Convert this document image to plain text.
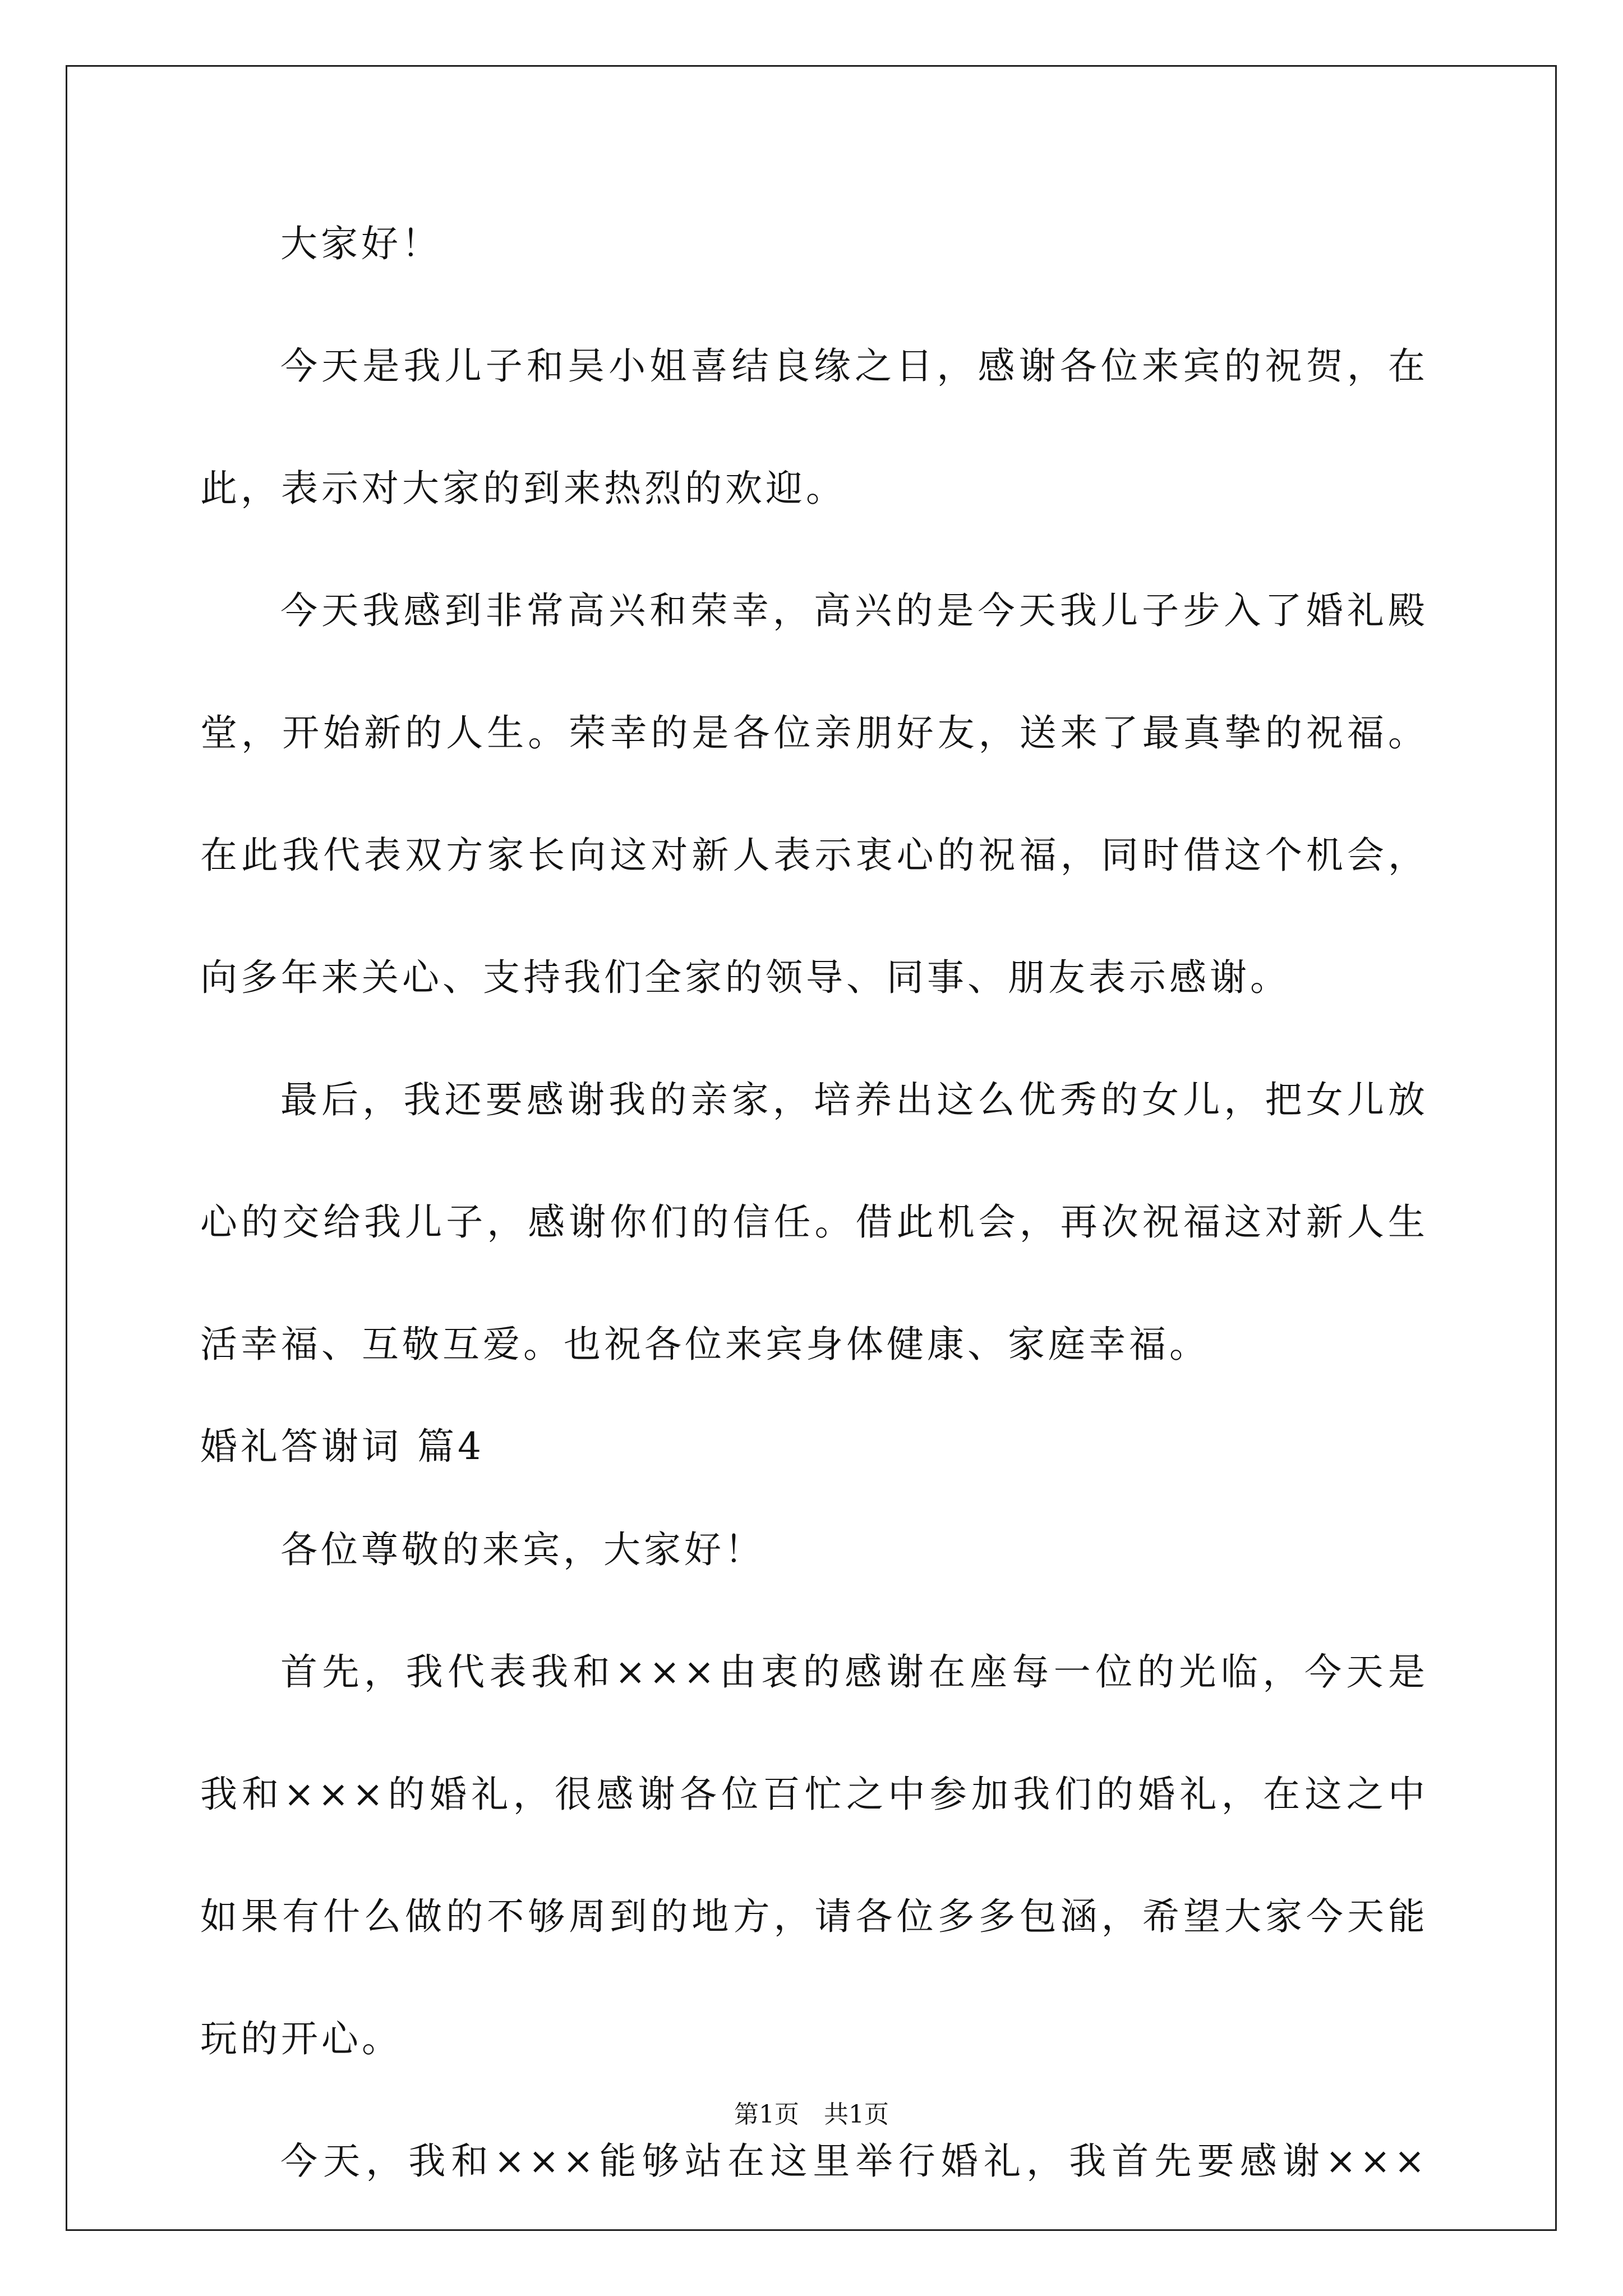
大家好！
今天是我儿子和吴小姐喜结良缘之日，感谢各位来宾的祝贺，在
此，表示对大家的到来热烈的欢迎。
今天我感到非常高兴和荣幸，高兴的是今天我儿子步入了婚礼殿
堂，开始新的人生。荣幸的是各位亲朋好友，送来了最真挚的祝福。
在此我代表双方家长向这对新人表示衷心的祝福，同时借这个机会，
向多年来关心、支持我们全家的领导、同事、朋友表示感谢。
最后，我还要感谢我的亲家，培养出这么优秀的女儿，把女儿放
心的交给我儿子，感谢你们的信任。借此机会，再次祝福这对新人生
活幸福、互敬互爱。也祝各位来宾身体健康、家庭幸福。
婚礼答谢词 篇4
各位尊敬的来宾，大家好！
首先，我代表我和×××由衷的感谢在座每一位的光临，今天是
我和×××的婚礼，很感谢各位百忙之中参加我们的婚礼，在这之中
如果有什么做的不够周到的地方，请各位多多包涵，希望大家今天能
玩的开心。
今天，我和×××能够站在这里举行婚礼，我首先要感谢×××
第1页　共1页
